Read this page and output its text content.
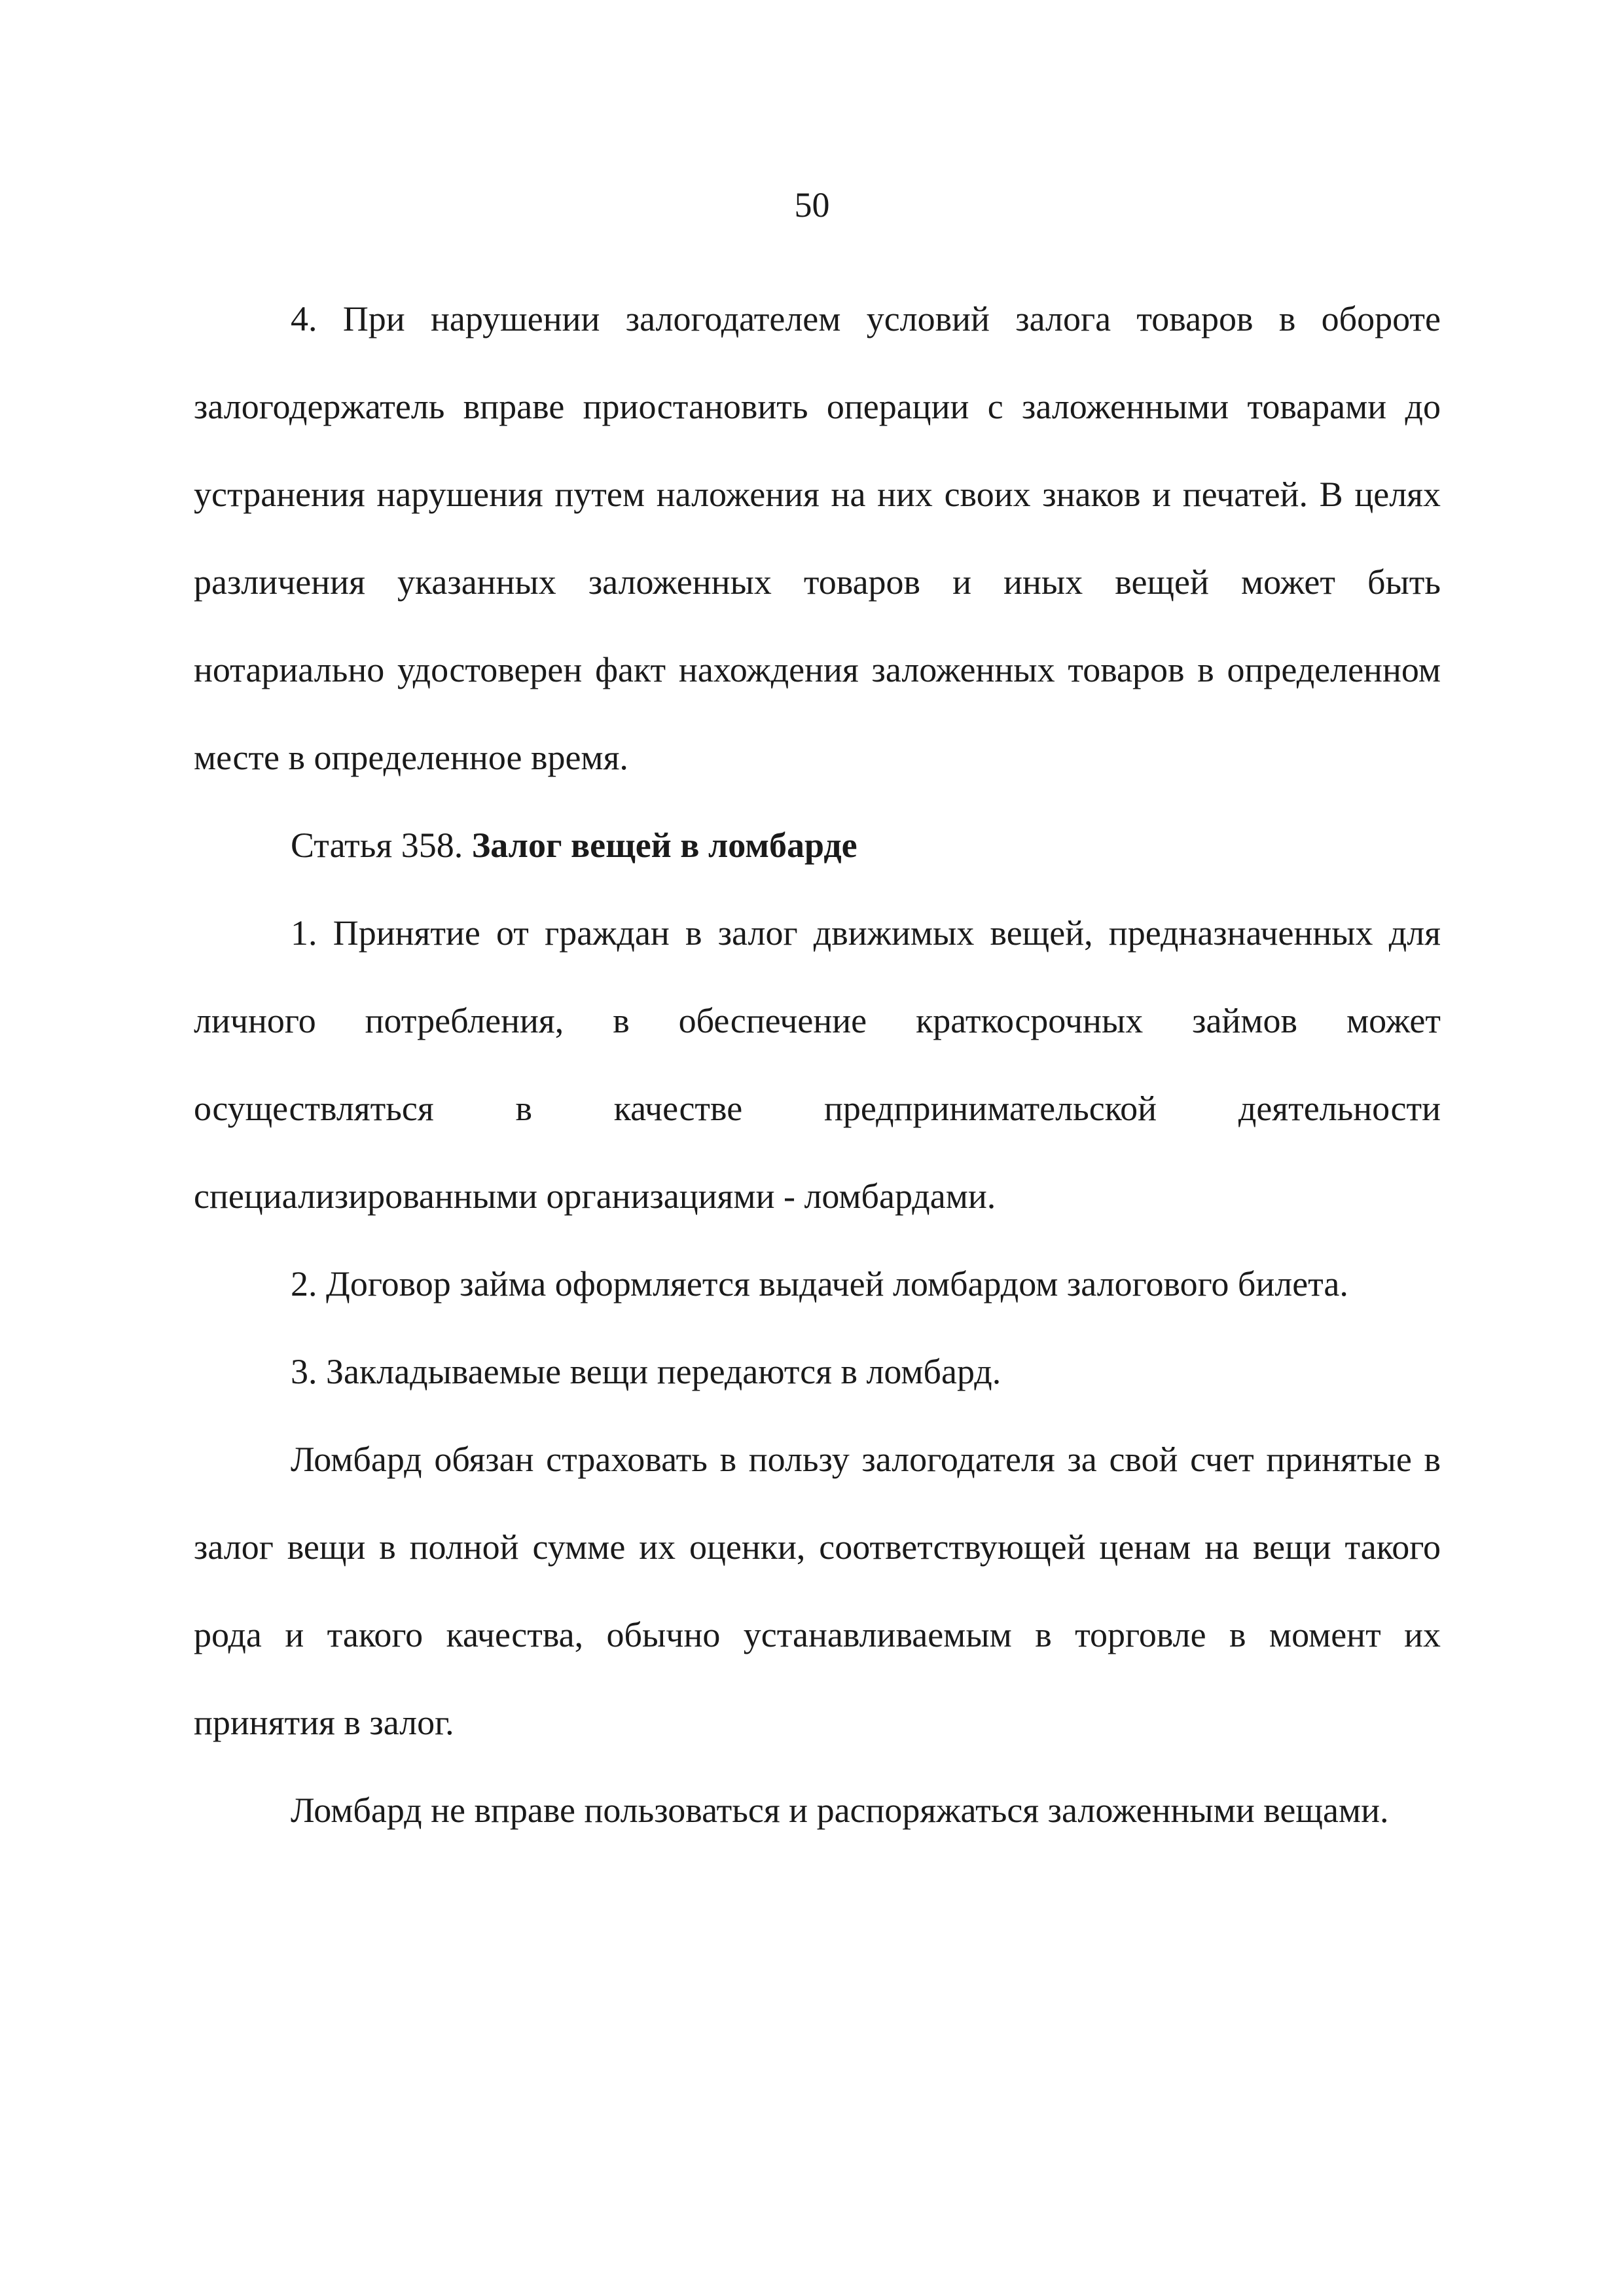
50

4. При нарушении залогодателем условий залога товаров в обороте залогодержатель вправе приостановить операции с заложенными товарами до устранения нарушения путем наложения на них своих знаков и печатей. В целях различения указанных заложенных товаров и иных вещей может быть нотариально удостоверен факт нахождения заложенных товаров в определенном месте в определенное время.

Статья 358. Залог вещей в ломбарде

1. Принятие от граждан в залог движимых вещей, предназначенных для личного потребления, в обеспечение краткосрочных займов может осуществляться в качестве предпринимательской деятельности специализированными организациями - ломбардами.

2. Договор займа оформляется выдачей ломбардом залогового билета.

3. Закладываемые вещи передаются в ломбард.

Ломбард обязан страховать в пользу залогодателя за свой счет принятые в залог вещи в полной сумме их оценки, соответствующей ценам на вещи такого рода и такого качества, обычно устанавливаемым в торговле в момент их принятия в залог.

Ломбард не вправе пользоваться и распоряжаться заложенными вещами.
